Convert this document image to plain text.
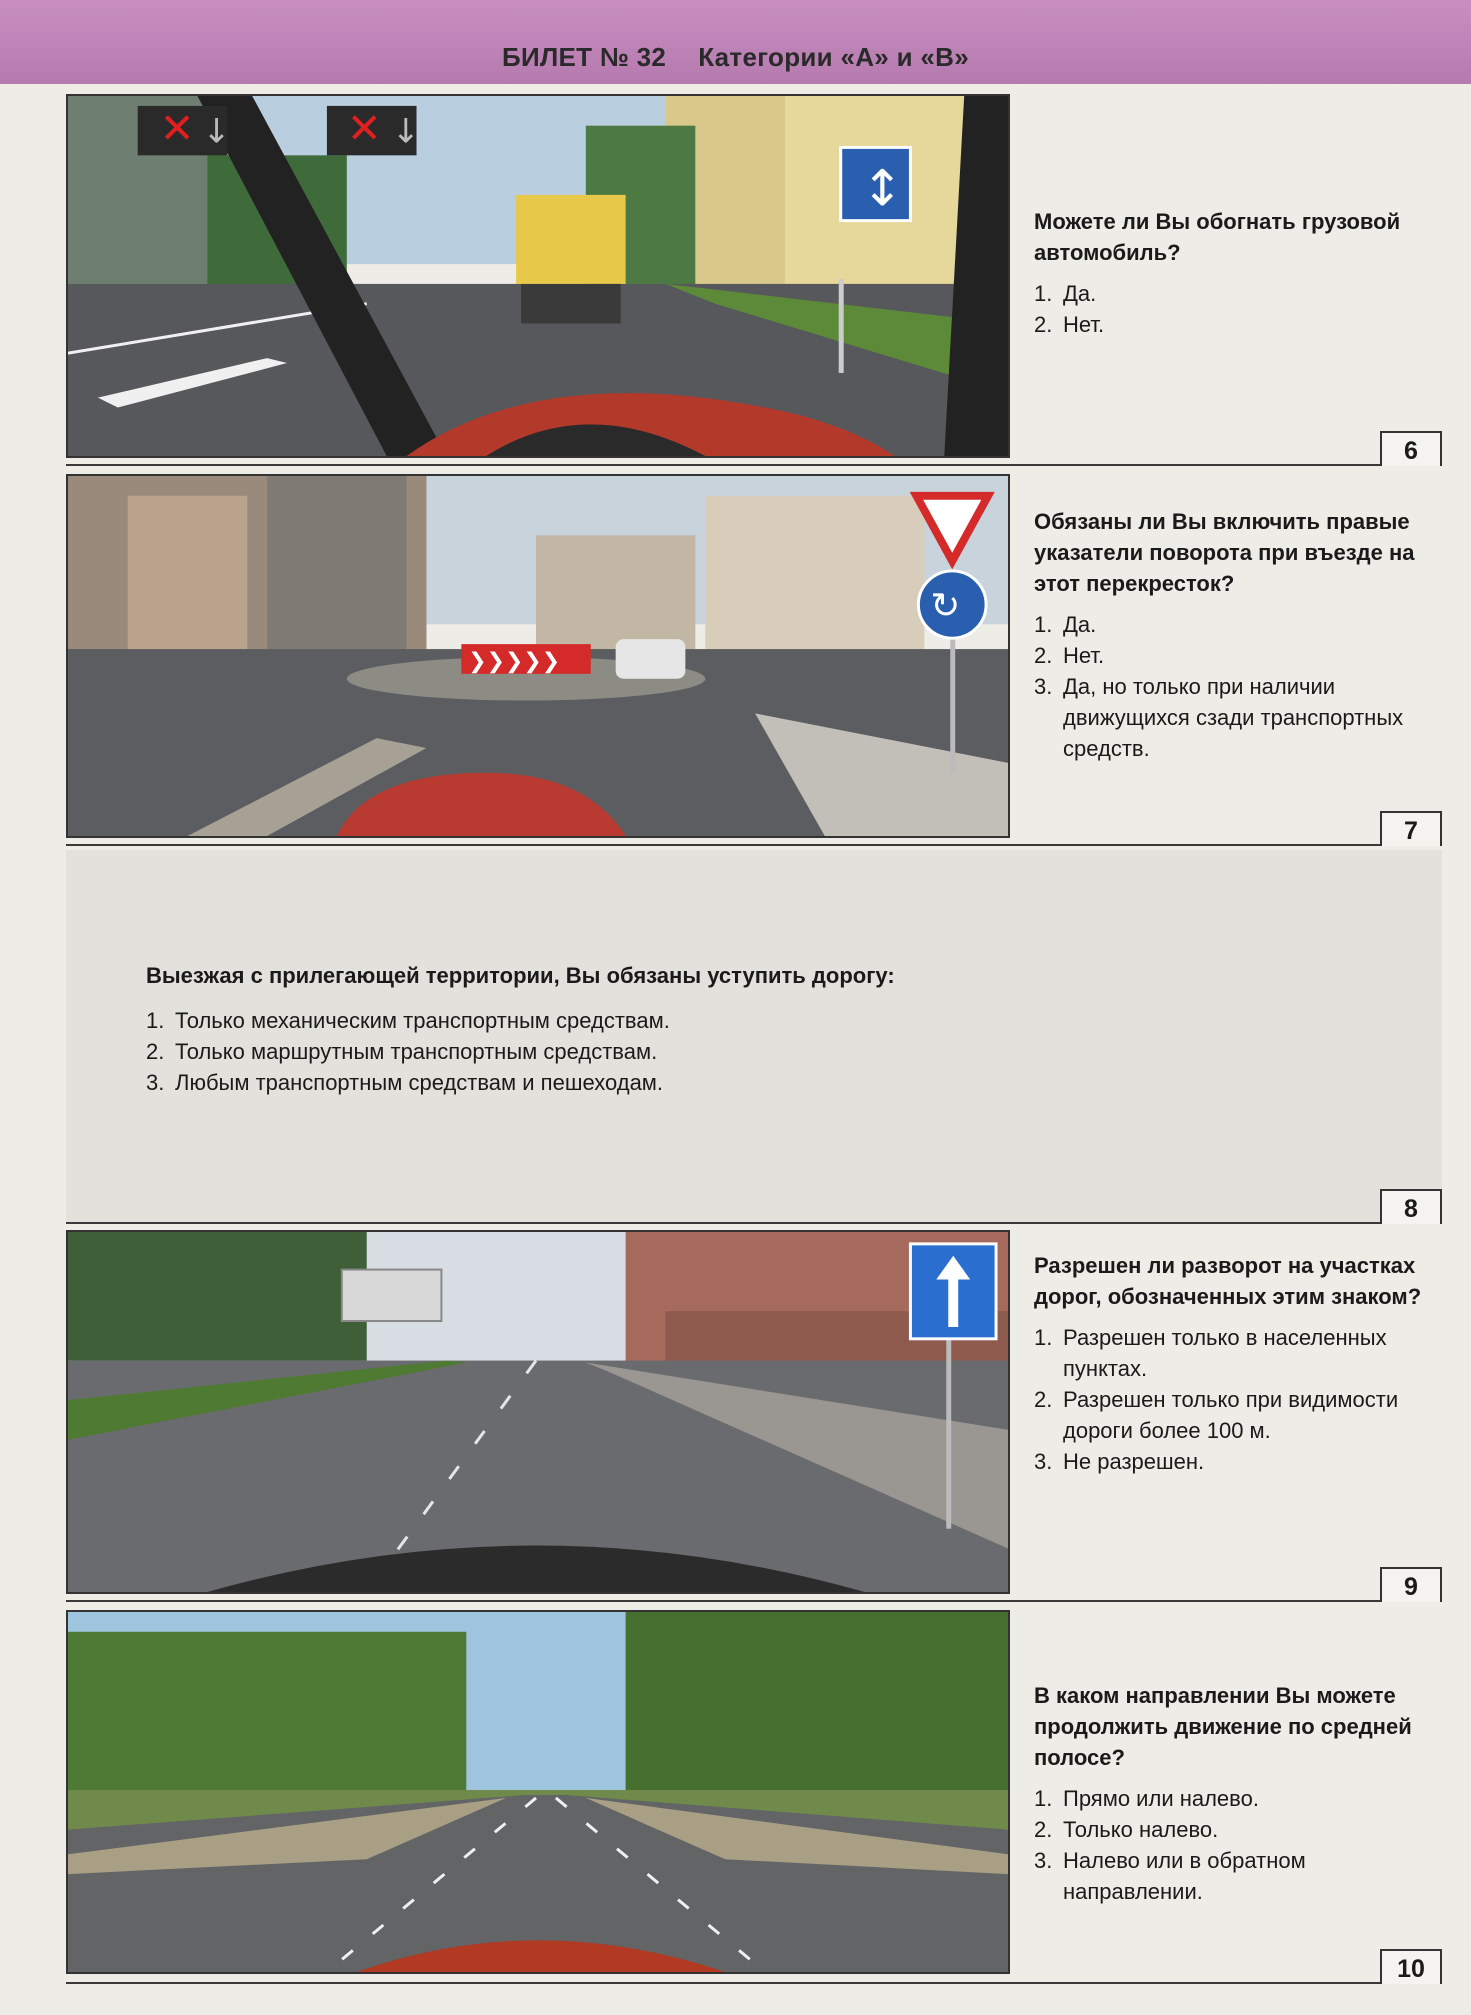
БИЛЕТ № 32 Категории «А» и «В»
✕	✕
↓	↓
↕

Можете ли Вы обогнать грузовой автомобиль?

1. Да.
2. Нет.
6
❯❯❯❯❯
↻

Обязаны ли Вы включить правые указатели поворота при въезде на этот перекресток?

1. Да.
2. Нет.
3. Да, но только при наличии движущихся сзади транспортных средств.
7

Выезжая с прилегающей территории, Вы обязаны уступить дорогу:

1. Только механическим транспортным средствам.
2. Только маршрутным транспортным средствам.
3. Любым транспортным средствам и пешеходам.
8

Разрешен ли разворот на участках дорог, обозначенных этим знаком?

1. Разрешен только в населенных пунктах.
2. Разрешен только при видимости дороги более 100 м.
3. Не разрешен.
9

В каком направлении Вы можете продолжить движение по средней полосе?

1. Прямо или налево.
2. Только налево.
3. Налево или в обратном направлении.
10
